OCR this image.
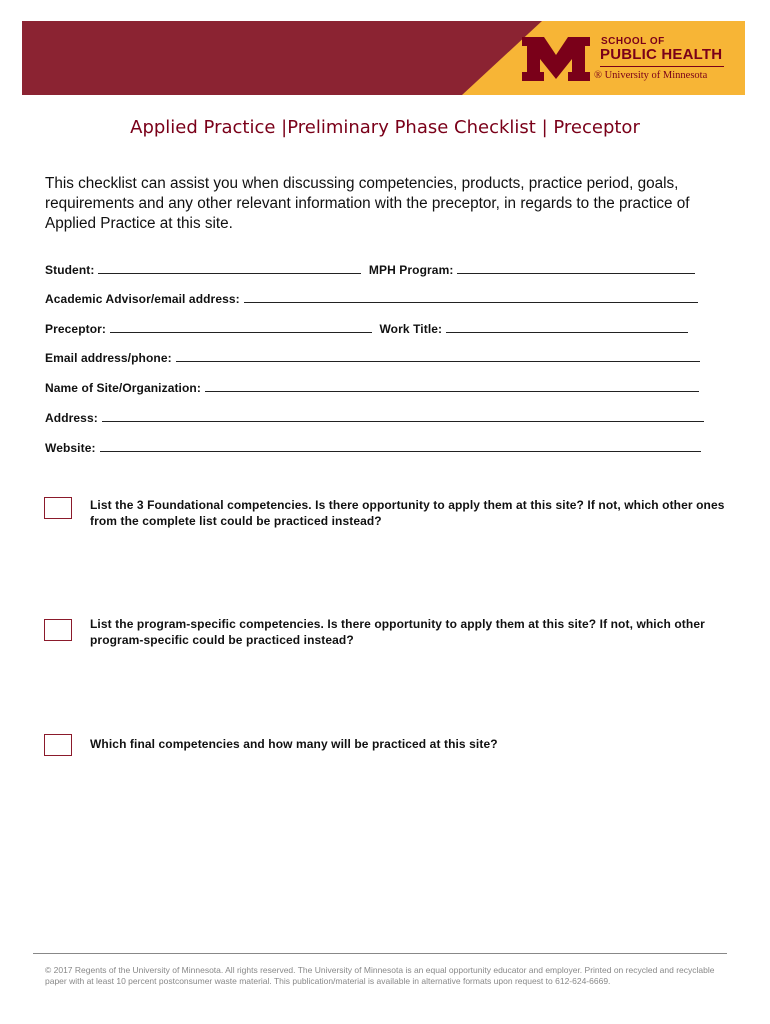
SCHOOL OF
PUBLIC HEALTH
® University of Minnesota
Applied Practice |Preliminary Phase Checklist | Preceptor
This checklist can assist you when discussing competencies, products, practice period, goals, requirements and any other relevant information with the preceptor, in regards to the practice of Applied Practice at this site.
Student:	MPH Program:
Academic Advisor/email address:
Preceptor:	Work Title:
Email address/phone:
Name of Site/Organization:
Address:
Website:
List the 3 Foundational competencies. Is there opportunity to apply them at this site? If not, which other ones from the complete list could be practiced instead?
List the program-specific competencies. Is there opportunity to apply them at this site? If not, which other program-specific could be practiced instead?
Which final competencies and how many will be practiced at this site?
© 2017 Regents of the University of Minnesota. All rights reserved. The University of Minnesota is an equal opportunity educator and employer. Printed on recycled and recyclable paper with at least 10 percent postconsumer waste material. This publication/material is available in alternative formats upon request to 612-624-6669.
